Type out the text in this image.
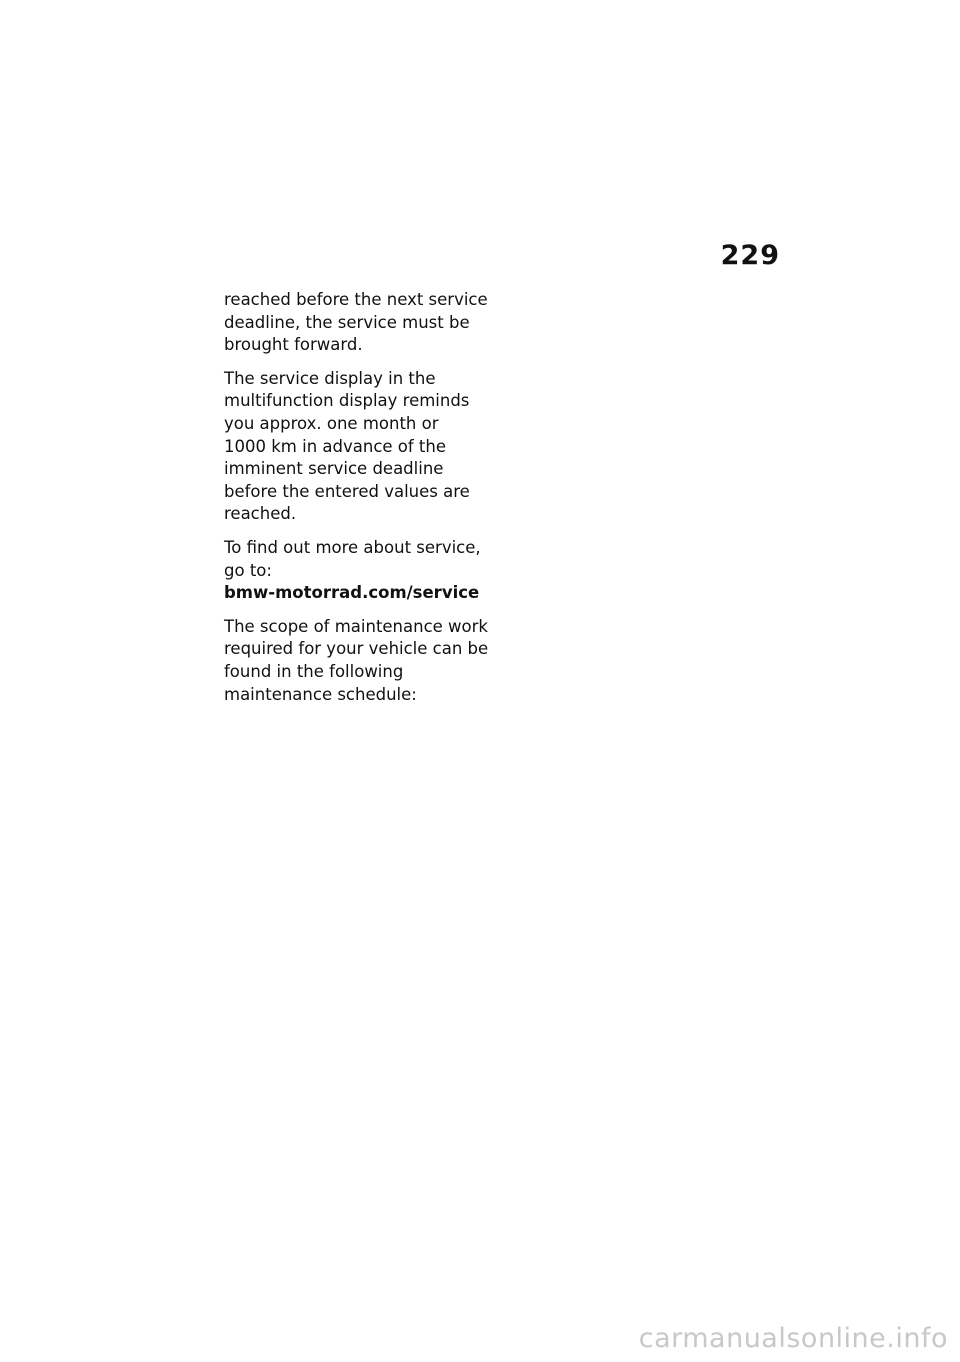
229

reached before the next service deadline, the service must be brought forward.

The service display in the
multifunction display reminds
you approx. one month or
1000 km in advance of the
imminent service deadline
before the entered values are
reached.

To find out more about service, go to:
bmw-motorrad.com/service

The scope of maintenance work required for your vehicle can be found in the following maintenance schedule:

carmanualsonline.info
